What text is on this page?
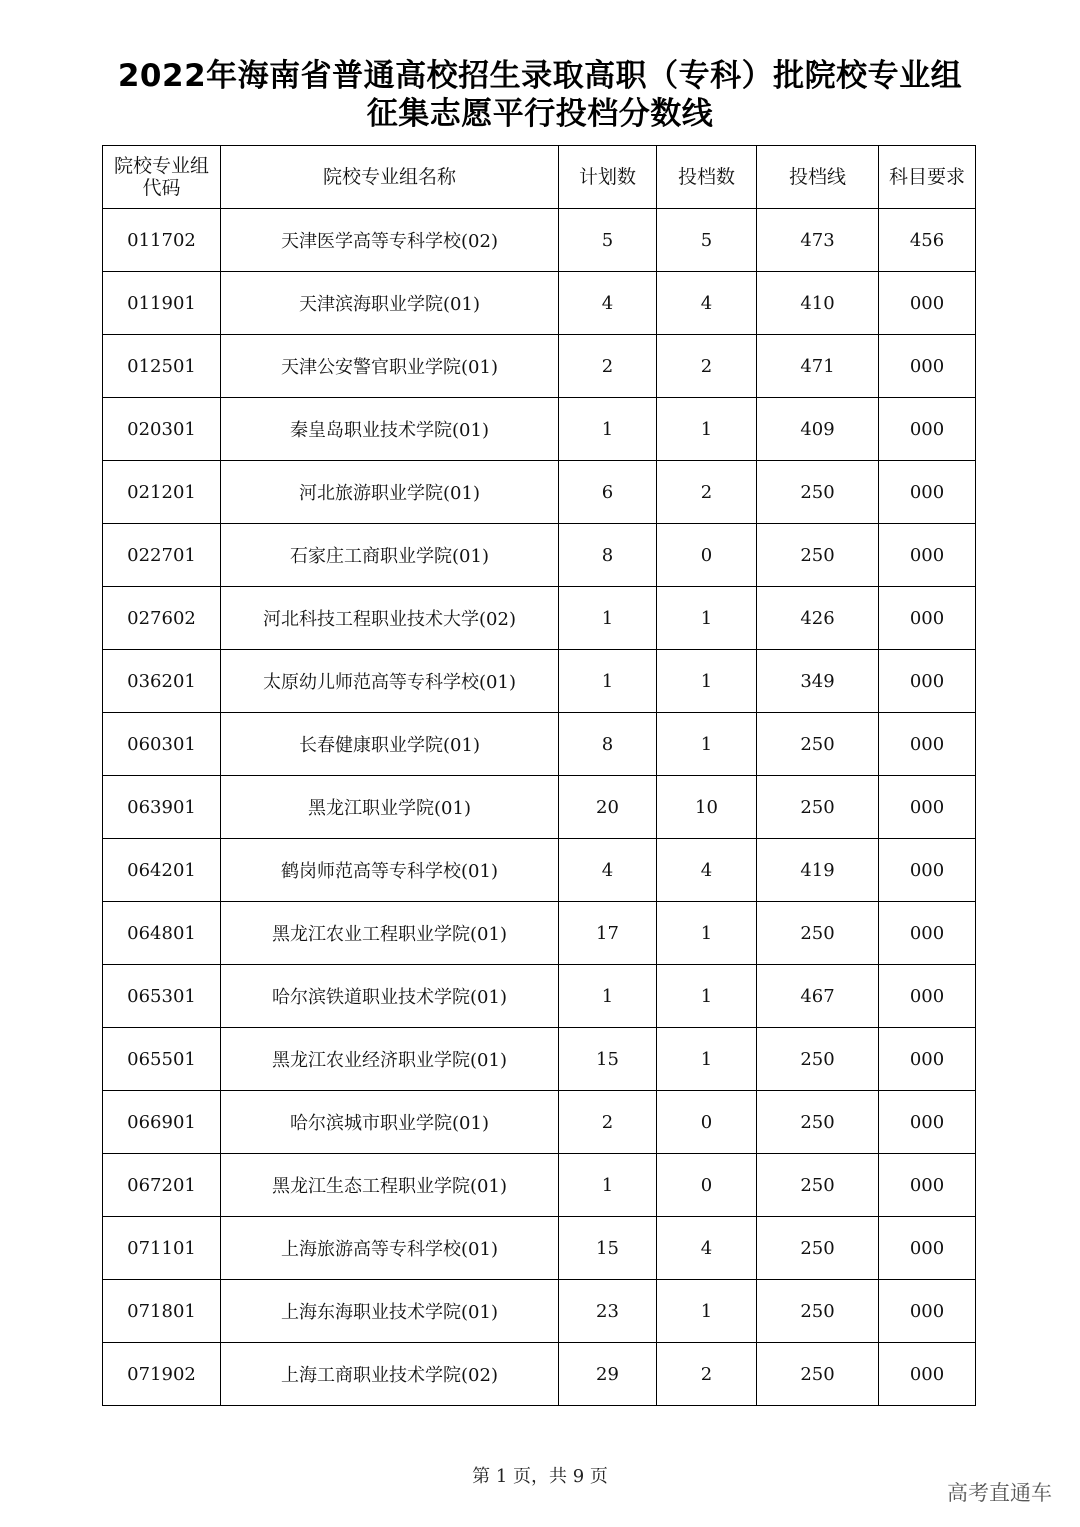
2022年海南省普通高校招生录取高职（专科）批院校专业组
征集志愿平行投档分数线
院校专业组
代码	院校专业组名称	计划数	投档数	投档线	科目要求
011702	天津医学高等专科学校(02)	5	5	473	456
011901	天津滨海职业学院(01)	4	4	410	000
012501	天津公安警官职业学院(01)	2	2	471	000
020301	秦皇岛职业技术学院(01)	1	1	409	000
021201	河北旅游职业学院(01)	6	2	250	000
022701	石家庄工商职业学院(01)	8	0	250	000
027602	河北科技工程职业技术大学(02)	1	1	426	000
036201	太原幼儿师范高等专科学校(01)	1	1	349	000
060301	长春健康职业学院(01)	8	1	250	000
063901	黑龙江职业学院(01)	20	10	250	000
064201	鹤岗师范高等专科学校(01)	4	4	419	000
064801	黑龙江农业工程职业学院(01)	17	1	250	000
065301	哈尔滨铁道职业技术学院(01)	1	1	467	000
065501	黑龙江农业经济职业学院(01)	15	1	250	000
066901	哈尔滨城市职业学院(01)	2	0	250	000
067201	黑龙江生态工程职业学院(01)	1	0	250	000
071101	上海旅游高等专科学校(01)	15	4	250	000
071801	上海东海职业技术学院(01)	23	1	250	000
071902	上海工商职业技术学院(02)	29	2	250	000
第 1 页，共 9 页
高考直通车
